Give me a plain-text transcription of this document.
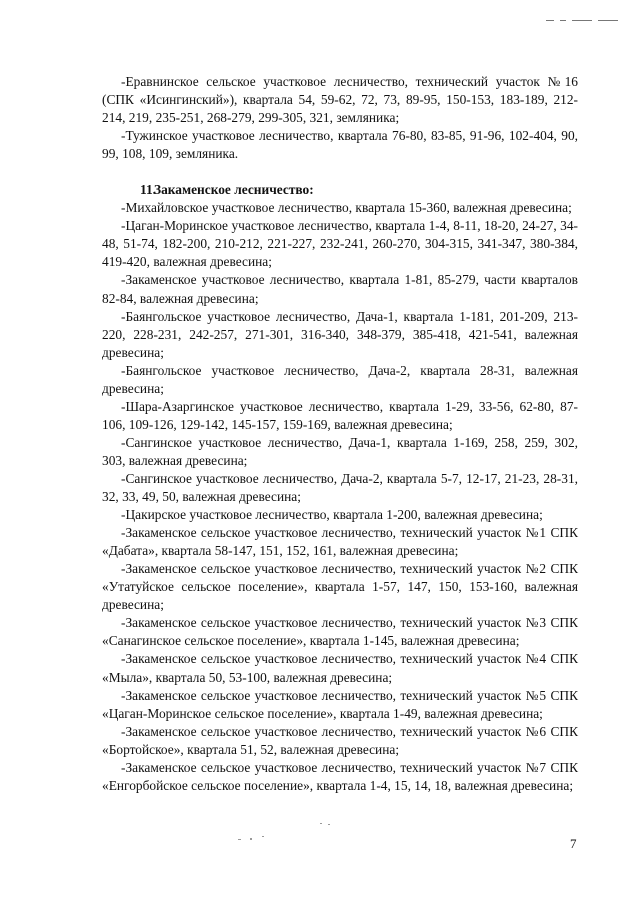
-Еравнинское сельское участковое лесничество, технический участок №16 (СПК «Исингинский»), квартала 54, 59-62, 72, 73, 89-95, 150-153, 183-189, 212-214, 219, 235-251, 268-279, 299-305, 321, земляника;

-Тужинское участковое лесничество, квартала 76-80, 83-85, 91-96, 102-404, 90, 99, 108, 109, земляника.

11.Закаменское лесничество:

-Михайловское участковое лесничество, квартала 15-360, валежная древесина;

-Цаган-Моринское участковое лесничество, квартала 1-4, 8-11, 18-20, 24-27, 34-48, 51-74, 182-200, 210-212, 221-227, 232-241, 260-270, 304-315, 341-347, 380-384, 419-420, валежная древесина;

-Закаменское участковое лесничество, квартала 1-81, 85-279, части кварталов 82-84, валежная древесина;

-Баянгольское участковое лесничество, Дача-1, квартала 1-181, 201-209, 213-220, 228-231, 242-257, 271-301, 316-340, 348-379, 385-418, 421-541, валежная древесина;

-Баянгольское участковое лесничество, Дача-2, квартала 28-31, валежная древесина;

-Шара-Азаргинское участковое лесничество, квартала 1-29, 33-56, 62-80, 87-106, 109-126, 129-142, 145-157, 159-169, валежная древесина;

-Сангинское участковое лесничество, Дача-1, квартала 1-169, 258, 259, 302, 303, валежная древесина;

-Сангинское участковое лесничество, Дача-2, квартала 5-7, 12-17, 21-23, 28-31, 32, 33, 49, 50, валежная древесина;

-Цакирское участковое лесничество, квартала 1-200, валежная древесина;

-Закаменское сельское участковое лесничество, технический участок №1 СПК «Дабата», квартала 58-147, 151, 152, 161, валежная древесина;

-Закаменское сельское участковое лесничество, технический участок №2 СПК «Утатуйское сельское поселение», квартала 1-57, 147, 150, 153-160, валежная древесина;

-Закаменское сельское участковое лесничество, технический участок №3 СПК «Санагинское сельское поселение», квартала 1-145, валежная древесина;

-Закаменское сельское участковое лесничество, технический участок №4 СПК «Мыла», квартала 50, 53-100, валежная древесина;

-Закаменское сельское участковое лесничество, технический участок №5 СПК «Цаган-Моринское сельское поселение», квартала 1-49, валежная древесина;

-Закаменское сельское участковое лесничество, технический участок №6 СПК «Бортойское», квартала 51, 52, валежная древесина;

-Закаменское сельское участковое лесничество, технический участок №7 СПК «Енгорбойское сельское поселение», квартала 1-4, 15, 14, 18, валежная древесина;

7
